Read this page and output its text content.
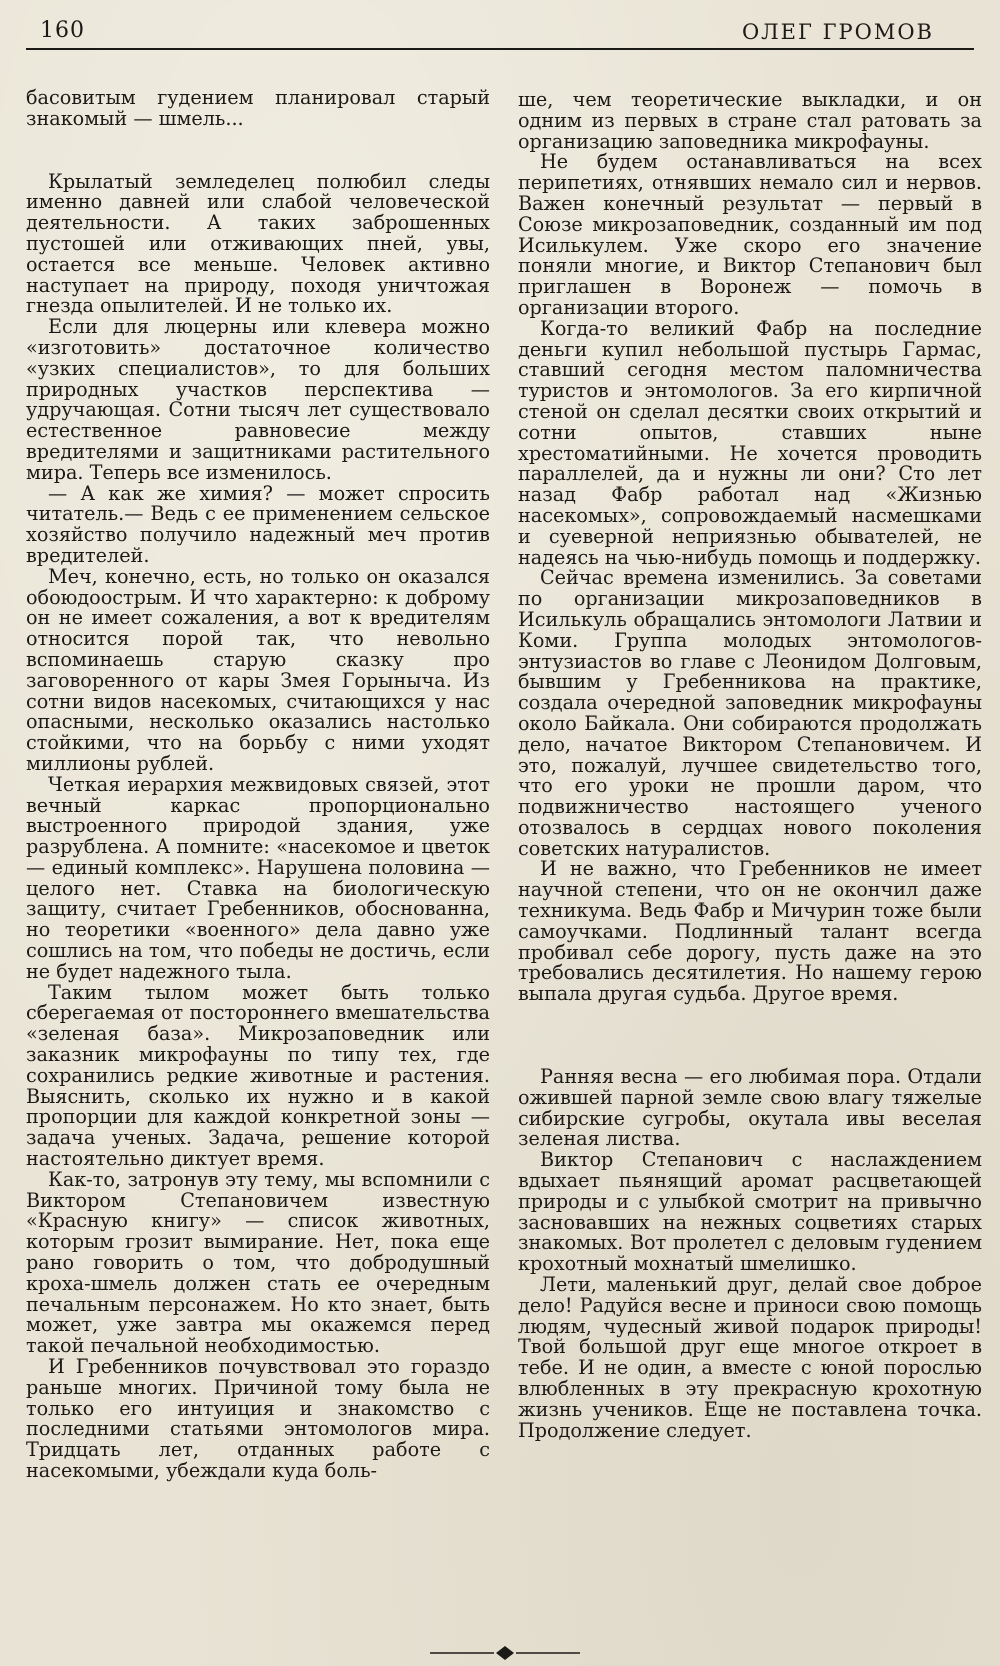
160	ОЛЕГ ГРОМОВ

басовитым гудением планировал старый знакомый — шмель...

Крылатый земледелец полюбил следы именно давней или слабой человеческой деятельности. А таких заброшенных пустошей или отживающих пней, увы, остается все меньше. Человек активно наступает на природу, походя уничтожая гнезда опылителей. И не только их.

Если для люцерны или клевера можно «изготовить» достаточное количество «узких специалистов», то для больших природных участков перспектива — удручающая. Сотни тысяч лет существовало естественное равновесие между вредителями и защитниками растительного мира. Теперь все изменилось.

— А как же химия? — может спросить читатель.— Ведь с ее применением сельское хозяйство получило надежный меч против вредителей.

Меч, конечно, есть, но только он оказался обоюдоострым. И что характерно: к доброму он не имеет сожаления, а вот к вредителям относится порой так, что невольно вспоминаешь старую сказку про заговоренного от кары Змея Горыныча. Из сотни видов насекомых, считающихся у нас опасными, несколько оказались настолько стойкими, что на борьбу с ними уходят миллионы рублей.

Четкая иерархия межвидовых связей, этот вечный каркас пропорционально выстроенного природой здания, уже разрублена. А помните: «насекомое и цветок — единый комплекс». Нарушена половина — целого нет. Ставка на биологическую защиту, считает Гребенников, обоснованна, но теоретики «военного» дела давно уже сошлись на том, что победы не достичь, если не будет надежного тыла.

Таким тылом может быть только сберегаемая от постороннего вмешательства «зеленая база». Микрозаповедник или заказник микрофауны по типу тех, где сохранились редкие животные и растения. Выяснить, сколько их нужно и в какой пропорции для каждой конкретной зоны — задача ученых. Задача, решение которой настоятельно диктует время.

Как-то, затронув эту тему, мы вспомнили с Виктором Степановичем известную «Красную книгу» — список животных, которым грозит вымирание. Нет, пока еще рано говорить о том, что добродушный кроха-шмель должен стать ее очередным печальным персонажем. Но кто знает, быть может, уже завтра мы окажемся перед такой печальной необходимостью.

И Гребенников почувствовал это гораздо раньше многих. Причиной тому была не только его интуиция и знакомство с последними статьями энтомологов мира. Тридцать лет, отданных работе с насекомыми, убеждали куда боль-

ше, чем теоретические выкладки, и он одним из первых в стране стал ратовать за организацию заповедника микрофауны.

Не будем останавливаться на всех перипетиях, отнявших немало сил и нервов. Важен конечный результат — первый в Союзе микрозаповедник, созданный им под Исилькулем. Уже скоро его значение поняли многие, и Виктор Степанович был приглашен в Воронеж — помочь в организации второго.

Когда-то великий Фабр на последние деньги купил небольшой пустырь Гармас, ставший сегодня местом паломничества туристов и энтомологов. За его кирпичной стеной он сделал десятки своих открытий и сотни опытов, ставших ныне хрестоматийными. Не хочется проводить параллелей, да и нужны ли они? Сто лет назад Фабр работал над «Жизнью насекомых», сопровождаемый насмешками и суеверной неприязнью обывателей, не надеясь на чью-нибудь помощь и поддержку.

Сейчас времена изменились. За советами по организации микрозаповедников в Исилькуль обращались энтомологи Латвии и Коми. Группа молодых энтомологов-энтузиастов во главе с Леонидом Долговым, бывшим у Гребенникова на практике, создала очередной заповедник микрофауны около Байкала. Они собираются продолжать дело, начатое Виктором Степановичем. И это, пожалуй, лучшее свидетельство того, что его уроки не прошли даром, что подвижничество настоящего ученого отозвалось в сердцах нового поколения советских натуралистов.

И не важно, что Гребенников не имеет научной степени, что он не окончил даже техникума. Ведь Фабр и Мичурин тоже были самоучками. Подлинный талант всегда пробивал себе дорогу, пусть даже на это требовались десятилетия. Но нашему герою выпала другая судьба. Другое время.

Ранняя весна — его любимая пора. Отдали ожившей парной земле свою влагу тяжелые сибирские сугробы, окутала ивы веселая зеленая листва.

Виктор Степанович с наслаждением вдыхает пьянящий аромат расцветающей природы и с улыбкой смотрит на привычно засновавших на нежных соцветиях старых знакомых. Вот пролетел с деловым гудением крохотный мохнатый шмелишко.

Лети, маленький друг, делай свое доброе дело! Радуйся весне и приноси свою помощь людям, чудесный живой подарок природы! Твой большой друг еще многое откроет в тебе. И не один, а вместе с юной порослью влюбленных в эту прекрасную крохотную жизнь учеников. Еще не поставлена точка. Продолжение следует.
